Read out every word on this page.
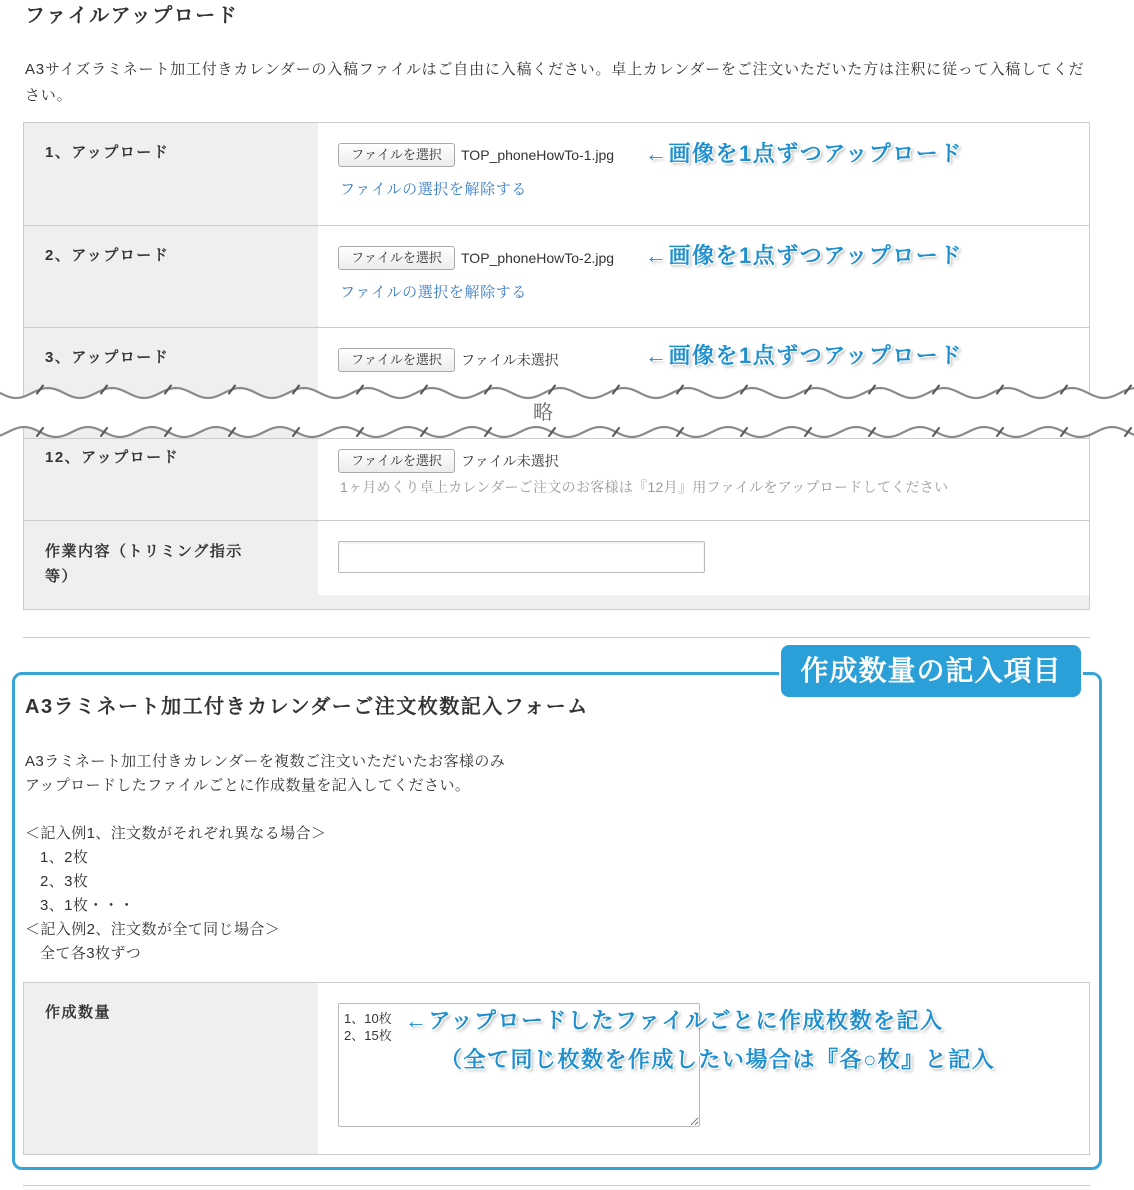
ファイルアップロード

A3サイズラミネート加工付きカレンダーの入稿ファイルはご自由に入稿ください。卓上カレンダーをご注文いただいた方は注釈に従って入稿してください。

1、アップロード	ファイルを選択	TOP_phoneHowTo-1.jpg
ファイルの選択を解除する
←画像を1点ずつアップロード
2、アップロード	ファイルを選択	TOP_phoneHowTo-2.jpg
ファイルの選択を解除する
←画像を1点ずつアップロード
3、アップロード	ファイルを選択	ファイル未選択	←画像を1点ずつアップロード
12、アップロード	ファイルを選択	ファイル未選択
1ヶ月めくり卓上カレンダーご注文のお客様は『12月』用ファイルをアップロードしてください
作業内容（トリミング指示等）
略
作成数量の記入項目
A3ラミネート加工付きカレンダーご注文枚数記入フォーム
A3ラミネート加工付きカレンダーを複数ご注文いただいたお客様のみ
アップロードしたファイルごとに作成数量を記入してください。
＜記入例1、注文数がそれぞれ異なる場合＞
1、2枚
2、3枚
3、1枚・・・
＜記入例2、注文数が全て同じ場合＞
全て各3枚ずつ
作成数量
1、10枚 2、15枚	←アップロードしたファイルごとに作成枚数を記入
（全て同じ枚数を作成したい場合は『各○枚』と記入
